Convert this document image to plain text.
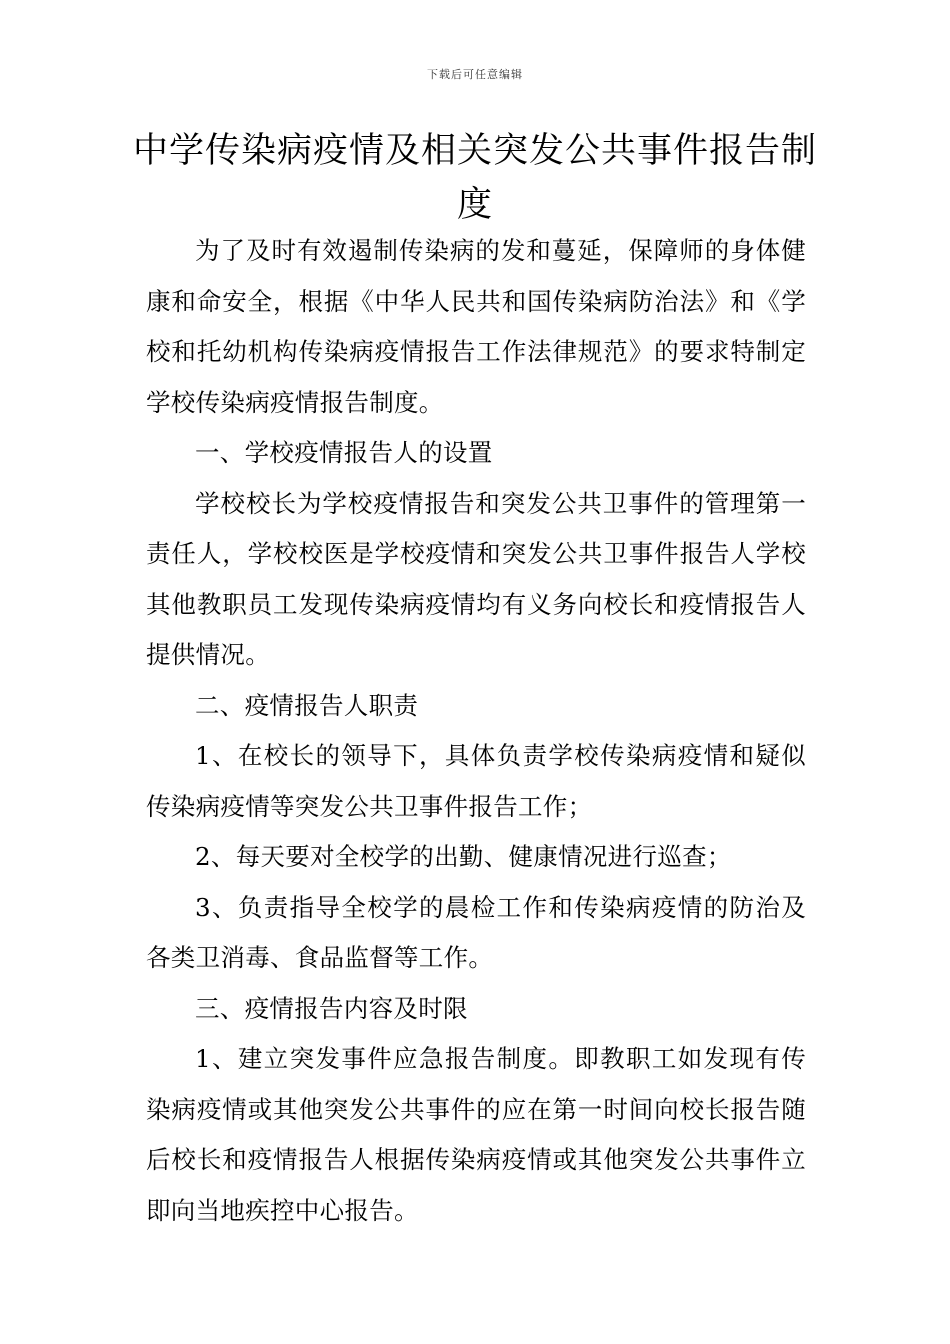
下载后可任意编辑
中学传染病疫情及相关突发公共事件报告制度

为了及时有效遏制传染病的发和蔓延，保障师的身体健康和命安全，根据《中华人民共和国传染病防治法》和《学校和托幼机构传染病疫情报告工作法律规范》的要求特制定学校传染病疫情报告制度。

一、学校疫情报告人的设置

学校校长为学校疫情报告和突发公共卫事件的管理第一责任人，学校校医是学校疫情和突发公共卫事件报告人学校其他教职员工发现传染病疫情均有义务向校长和疫情报告人提供情况。

二、疫情报告人职责

1、在校长的领导下，具体负责学校传染病疫情和疑似传染病疫情等突发公共卫事件报告工作；

2、每天要对全校学的出勤、健康情况进行巡查；

3、负责指导全校学的晨检工作和传染病疫情的防治及各类卫消毒、食品监督等工作。

三、疫情报告内容及时限

1、建立突发事件应急报告制度。即教职工如发现有传染病疫情或其他突发公共事件的应在第一时间向校长报告随后校长和疫情报告人根据传染病疫情或其他突发公共事件立即向当地疾控中心报告。
